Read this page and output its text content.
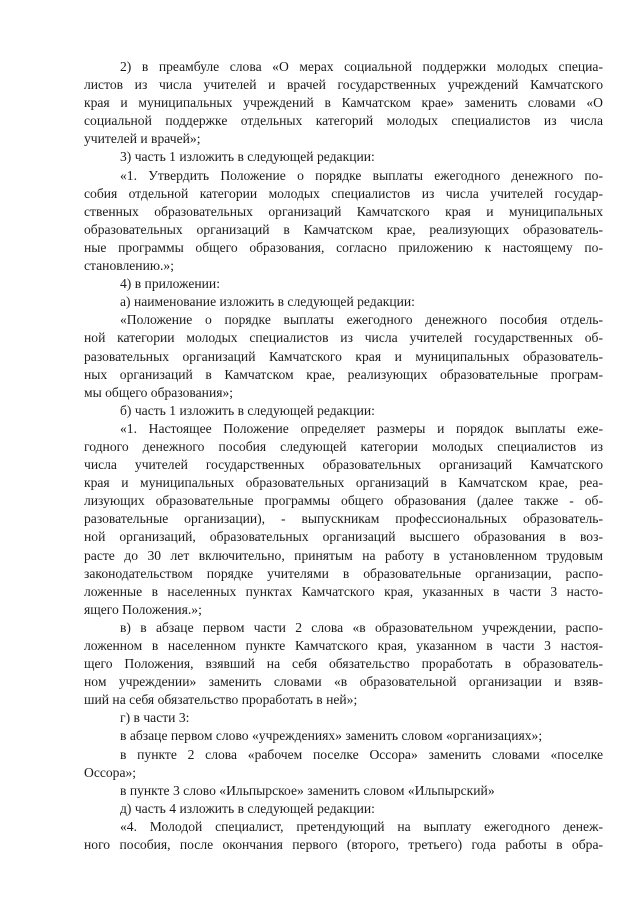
2) в преамбуле слова «О мерах социальной поддержки молодых специа-
листов из числа учителей и врачей государственных учреждений Камчатского
края и муниципальных учреждений в Камчатском крае» заменить словами «О
социальной поддержке отдельных категорий молодых специалистов из числа
учителей и врачей»;
3) часть 1 изложить в следующей редакции:
«1. Утвердить Положение о порядке выплаты ежегодного денежного по-
собия отдельной категории молодых специалистов из числа учителей государ-
ственных образовательных организаций Камчатского края и муниципальных
образовательных организаций в Камчатском крае, реализующих образователь-
ные программы общего образования, согласно приложению к настоящему по-
становлению.»;
4) в приложении:
а) наименование изложить в следующей редакции:
«Положение о порядке выплаты ежегодного денежного пособия отдель-
ной категории молодых специалистов из числа учителей государственных об-
разовательных организаций Камчатского края и муниципальных образователь-
ных организаций в Камчатском крае, реализующих образовательные програм-
мы общего образования»;
б) часть 1 изложить в следующей редакции:
«1. Настоящее Положение определяет размеры и порядок выплаты еже-
годного денежного пособия следующей категории молодых специалистов из
числа учителей государственных образовательных организаций Камчатского
края и муниципальных образовательных организаций в Камчатском крае, реа-
лизующих образовательные программы общего образования (далее также - об-
разовательные организации), - выпускникам профессиональных образователь-
ной организаций, образовательных организаций высшего образования в воз-
расте до 30 лет включительно, принятым на работу в установленном трудовым
законодательством порядке учителями в образовательные организации, распо-
ложенные в населенных пунктах Камчатского края, указанных в части 3 насто-
ящего Положения.»;
в) в абзаце первом части 2 слова «в образовательном учреждении, распо-
ложенном в населенном пункте Камчатского края, указанном в части 3 настоя-
щего Положения, взявший на себя обязательство проработать в образователь-
ном учреждении» заменить словами «в образовательной организации и взяв-
ший на себя обязательство проработать в ней»;
г) в части 3:
в абзаце первом слово «учреждениях» заменить словом «организациях»;
в пункте 2 слова «рабочем поселке Оссора» заменить словами «поселке
Оссора»;
в пункте 3 слово «Ильпырское» заменить словом «Ильпырский»
д) часть 4 изложить в следующей редакции:
«4. Молодой специалист, претендующий на выплату ежегодного денеж-
ного пособия, после окончания первого (второго, третьего) года работы в обра-
